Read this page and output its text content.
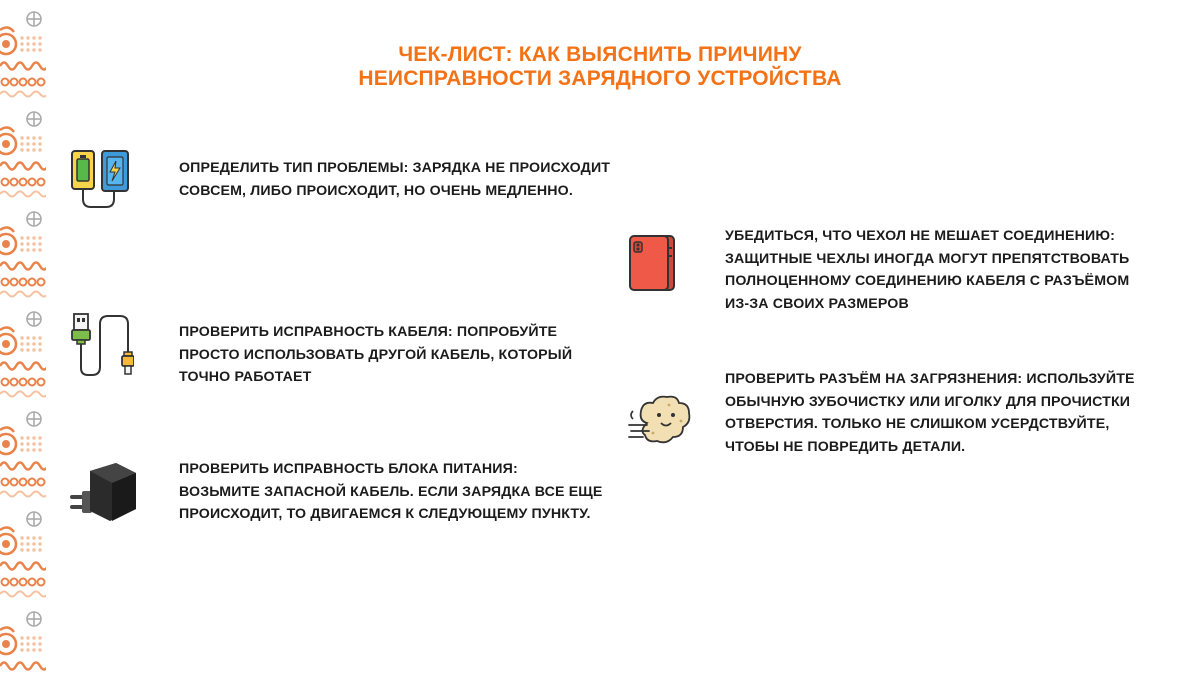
ЧЕК-ЛИСТ: КАК ВЫЯСНИТЬ ПРИЧИНУ
НЕИСПРАВНОСТИ ЗАРЯДНОГО УСТРОЙСТВА
ОПРЕДЕЛИТЬ ТИП ПРОБЛЕМЫ: ЗАРЯДКА НЕ ПРОИСХОДИТ
СОВСЕМ, ЛИБО ПРОИСХОДИТ, НО ОЧЕНЬ МЕДЛЕННО.
ПРОВЕРИТЬ ИСПРАВНОСТЬ КАБЕЛЯ: ПОПРОБУЙТЕ
ПРОСТО ИСПОЛЬЗОВАТЬ ДРУГОЙ КАБЕЛЬ, КОТОРЫЙ
ТОЧНО РАБОТАЕТ
ПРОВЕРИТЬ ИСПРАВНОСТЬ БЛОКА ПИТАНИЯ:
ВОЗЬМИТЕ ЗАПАСНОЙ КАБЕЛЬ. ЕСЛИ ЗАРЯДКА ВСЕ ЕЩЕ
ПРОИСХОДИТ, ТО ДВИГАЕМСЯ К СЛЕДУЮЩЕМУ ПУНКТУ.
УБЕДИТЬСЯ, ЧТО ЧЕХОЛ НЕ МЕШАЕТ СОЕДИНЕНИЮ:
ЗАЩИТНЫЕ ЧЕХЛЫ ИНОГДА МОГУТ ПРЕПЯТСТВОВАТЬ
ПОЛНОЦЕННОМУ СОЕДИНЕНИЮ КАБЕЛЯ С РАЗЪЁМОМ
ИЗ-ЗА СВОИХ РАЗМЕРОВ
ПРОВЕРИТЬ РАЗЪЁМ НА ЗАГРЯЗНЕНИЯ: ИСПОЛЬЗУЙТЕ
ОБЫЧНУЮ ЗУБОЧИСТКУ ИЛИ ИГОЛКУ ДЛЯ ПРОЧИСТКИ
ОТВЕРСТИЯ. ТОЛЬКО НЕ СЛИШКОМ УСЕРДСТВУЙТЕ,
ЧТОБЫ НЕ ПОВРЕДИТЬ ДЕТАЛИ.
